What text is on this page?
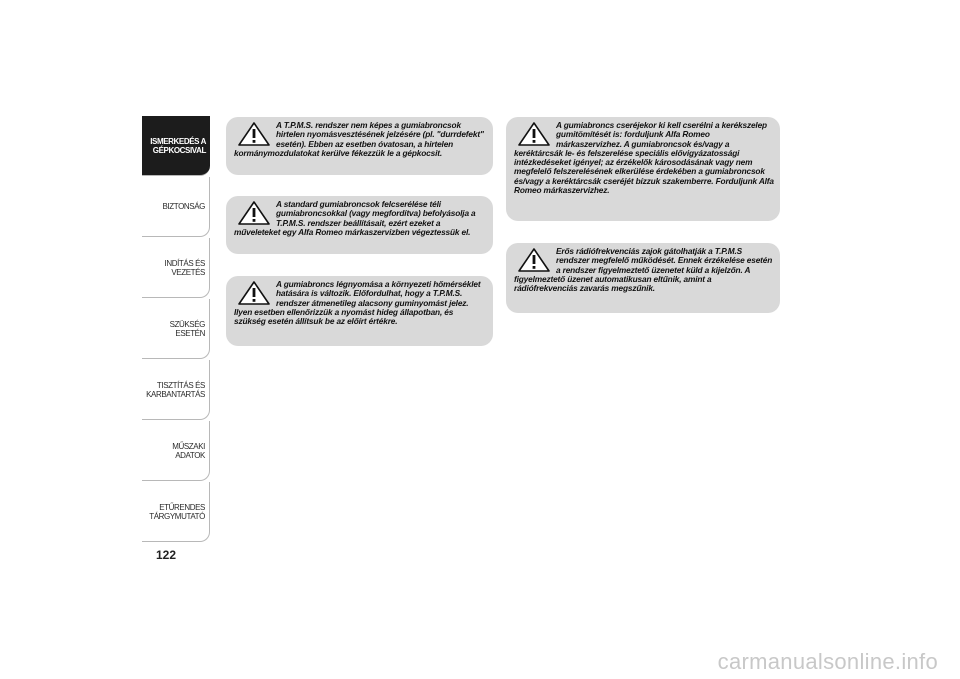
ISMERKEDÉS A GÉPKOCSIVAL
BIZTONSÁG
INDÍTÁS ÉS VEZETÉS
SZÜKSÉG ESETÉN
TISZTÍTÁS ÉS KARBANTARTÁS
MŰSZAKI ADATOK
ETŰRENDES TÁRGYMUTATÓ
122
A T.P.M.S. rendszer nem képes a gumiabroncsok hirtelen nyomásvesztésének jelzésére (pl. "durrdefekt" esetén). Ebben az esetben óvatosan, a hirtelen kormánymozdulatokat kerülve fékezzük le a gépkocsit.
A standard gumiabroncsok felcserélése téli gumiabroncsokkal (vagy megfordítva) befolyásolja a T.P.M.S. rendszer beállításait, ezért ezeket a műveleteket egy Alfa Romeo márkaszervizben végeztessük el.
A gumiabroncs légnyomása a környezeti hőmérséklet hatására is változik. Előfordulhat, hogy a T.P.M.S. rendszer átmenetileg alacsony guminyomást jelez. Ilyen esetben ellenőrizzük a nyomást hideg állapotban, és szükség esetén állítsuk be az előírt értékre.
A gumiabroncs cseréjekor ki kell cserélni a kerékszelep gumitömítését is: forduljunk Alfa Romeo márkaszervizhez. A gumiabroncsok és/vagy a keréktárcsák le- és felszerelése speciális elővigyázatossági intézkedéseket igényel; az érzékelők károsodásának vagy nem megfelelő felszerelésének elkerülése érdekében a gumiabroncsok és/vagy a keréktárcsák cseréjét bízzuk szakemberre. Forduljunk Alfa Romeo márkaszervizhez.
Erős rádiófrekvenciás zajok gátolhatják a T.P.M.S rendszer megfelelő működését. Ennek érzékelése esetén a rendszer figyelmeztető üzenetet küld a kijelzőn. A figyelmeztető üzenet automatikusan eltűnik, amint a rádiófrekvenciás zavarás megszűnik.
carmanualsonline.info
